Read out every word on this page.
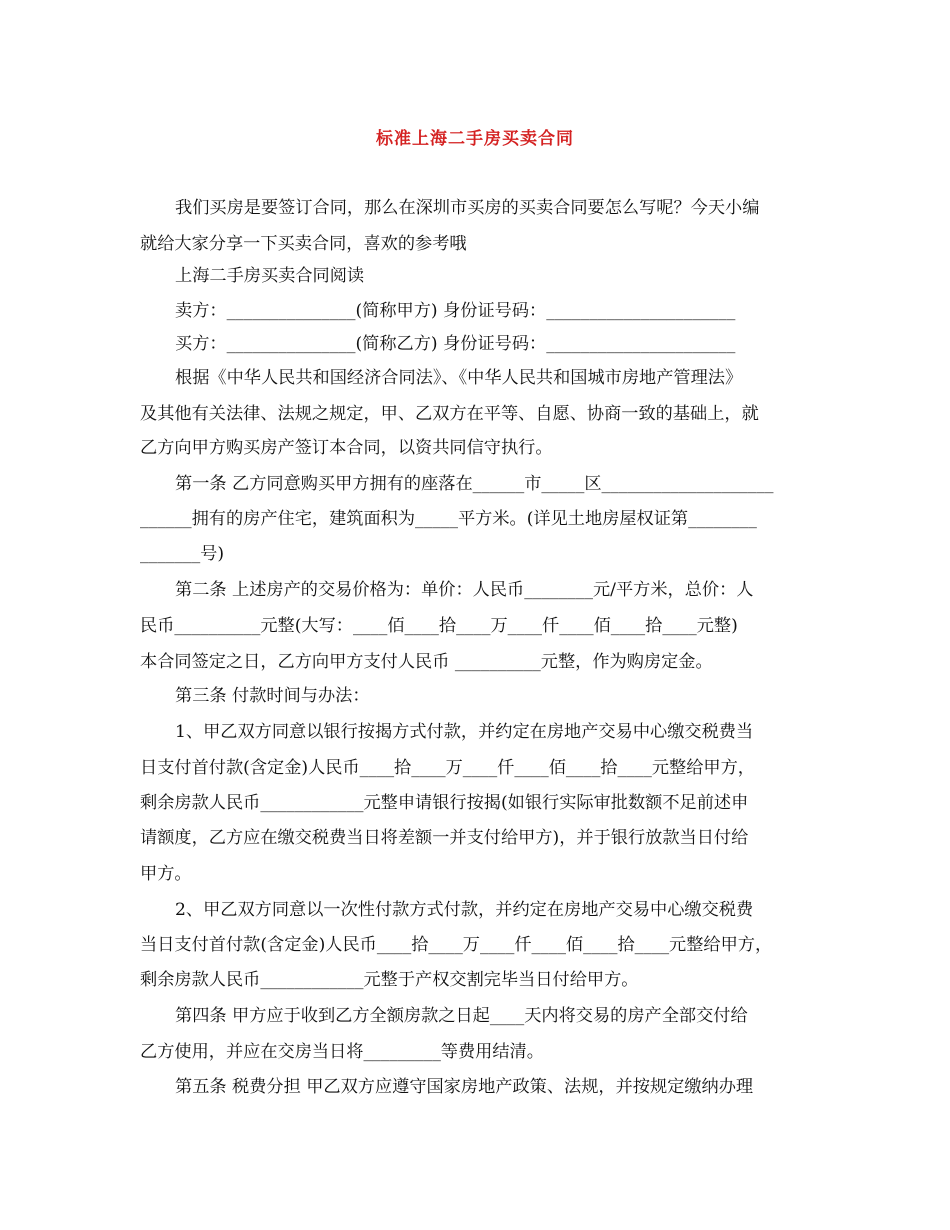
标准上海二手房买卖合同
我们买房是要签订合同，那么在深圳市买房的买卖合同要怎么写呢？今天小编
就给大家分享一下买卖合同，喜欢的参考哦
上海二手房买卖合同阅读
卖方：_______________(简称甲方) 身份证号码：______________________
买方：_______________(简称乙方) 身份证号码：______________________
根据《中华人民共和国经济合同法》、《中华人民共和国城市房地产管理法》
及其他有关法律、法规之规定，甲、乙双方在平等、自愿、协商一致的基础上，就
乙方向甲方购买房产签订本合同，以资共同信守执行。
第一条 乙方同意购买甲方拥有的座落在______市_____区____________________
______拥有的房产住宅，建筑面积为_____平方米。(详见土地房屋权证第________
_______号)
第二条 上述房产的交易价格为：单价：人民币________元/平方米，总价：人
民币__________元整(大写：____佰____拾____万____仟____佰____拾____元整)
本合同签定之日，乙方向甲方支付人民币 __________元整，作为购房定金。
第三条 付款时间与办法：
1、甲乙双方同意以银行按揭方式付款，并约定在房地产交易中心缴交税费当
日支付首付款(含定金)人民币____拾____万____仟____佰____拾____元整给甲方，
剩余房款人民币____________元整申请银行按揭(如银行实际审批数额不足前述申
请额度，乙方应在缴交税费当日将差额一并支付给甲方)，并于银行放款当日付给
甲方。
2、甲乙双方同意以一次性付款方式付款，并约定在房地产交易中心缴交税费
当日支付首付款(含定金)人民币____拾____万____仟____佰____拾____元整给甲方，
剩余房款人民币____________元整于产权交割完毕当日付给甲方。
第四条 甲方应于收到乙方全额房款之日起____天内将交易的房产全部交付给
乙方使用，并应在交房当日将_________等费用结清。
第五条 税费分担 甲乙双方应遵守国家房地产政策、法规，并按规定缴纳办理
